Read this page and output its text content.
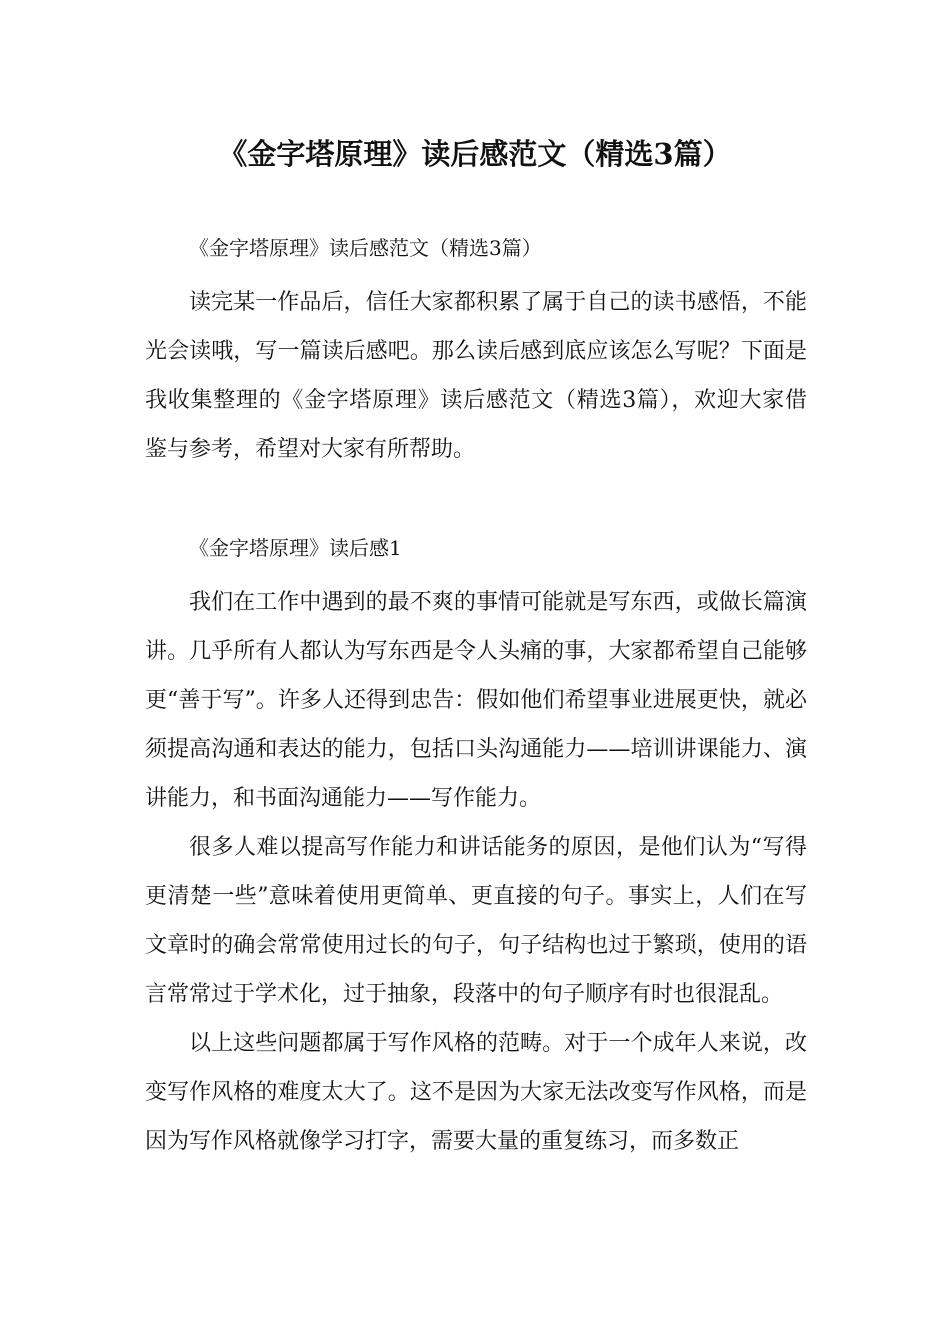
《金字塔原理》读后感范文（精选3篇）

《金字塔原理》读后感范文（精选3篇）

读完某一作品后，信任大家都积累了属于自己的读书感悟，不能光会读哦，写一篇读后感吧。那么读后感到底应该怎么写呢？下面是我收集整理的《金字塔原理》读后感范文（精选3篇），欢迎大家借鉴与参考，希望对大家有所帮助。

《金字塔原理》读后感1

我们在工作中遇到的最不爽的事情可能就是写东西，或做长篇演讲。几乎所有人都认为写东西是令人头痛的事，大家都希望自己能够更“善于写”。许多人还得到忠告：假如他们希望事业进展更快，就必须提高沟通和表达的能力，包括口头沟通能力——培训讲课能力、演讲能力，和书面沟通能力——写作能力。

很多人难以提高写作能力和讲话能务的原因，是他们认为“写得更清楚一些”意味着使用更简单、更直接的句子。事实上，人们在写文章时的确会常常使用过长的句子，句子结构也过于繁琐，使用的语言常常过于学术化，过于抽象，段落中的句子顺序有时也很混乱。

以上这些问题都属于写作风格的范畴。对于一个成年人来说，改变写作风格的难度太大了。这不是因为大家无法改变写作风格，而是因为写作风格就像学习打字，需要大量的重复练习，而多数正
